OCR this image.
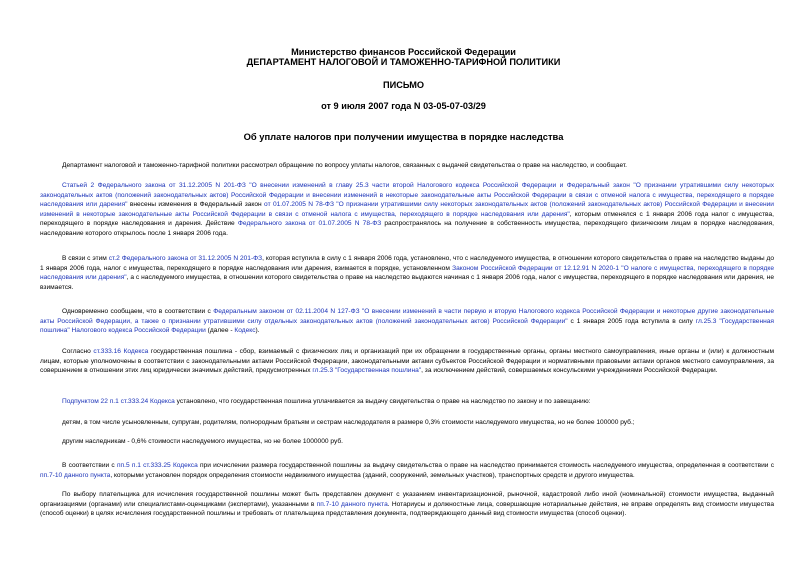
Министерство финансов Российской Федерации
ДЕПАРТАМЕНТ НАЛОГОВОЙ И ТАМОЖЕННО-ТАРИФНОЙ ПОЛИТИКИ
ПИСЬМО
от 9 июля 2007 года N 03-05-07-03/29
Об уплате налогов при получении имущества в порядке наследства

Департамент налоговой и таможенно-тарифной политики рассмотрел обращение по вопросу уплаты налогов, связанных с выдачей свидетельства о праве на наследство, и сообщает.

Статьей 2 Федерального закона от 31.12.2005 N 201-ФЗ "О внесении изменений в главу 25.3 части второй Налогового кодекса Российской Федерации и Федеральный закон "О признании утратившими силу некоторых законодательных актов (положений законодательных актов) Российской Федерации и внесении изменений в некоторые законодательные акты Российской Федерации в связи с отменой налога с имущества, переходящего в порядке наследования или дарения" внесены изменения в Федеральный закон от 01.07.2005 N 78-ФЗ "О признании утратившими силу некоторых законодательных актов (положений законодательных актов) Российской Федерации и внесении изменений в некоторые законодательные акты Российской Федерации в связи с отменой налога с имущества, переходящего в порядке наследования или дарения", которым отменялся с 1 января 2006 года налог с имущества, переходящего в порядке наследования и дарения. Действие Федерального закона от 01.07.2005 N 78-ФЗ распространялось на получение в собственность имущества, переходящего физическим лицам в порядке наследования, наследование которого открылось после 1 января 2006 года.

В связи с этим ст.2 Федерального закона от 31.12.2005 N 201-ФЗ, которая вступила в силу с 1 января 2006 года, установлено, что с наследуемого имущества, в отношении которого свидетельства о праве на наследство выданы до 1 января 2006 года, налог с имущества, переходящего в порядке наследования или дарения, взимается в порядке, установленном Законом Российской Федерации от 12.12.91 N 2020-1 "О налоге с имущества, переходящего в порядке наследования или дарения", а с наследуемого имущества, в отношении которого свидетельства о праве на наследство выдаются начиная с 1 января 2006 года, налог с имущества, переходящего в порядке наследования или дарения, не взимается.

Одновременно сообщаем, что в соответствии с Федеральным законом от 02.11.2004 N 127-ФЗ "О внесении изменений в части первую и вторую Налогового кодекса Российской Федерации и некоторые другие законодательные акты Российской Федерации, а также о признании утратившими силу отдельных законодательных актов (положений законодательных актов) Российской Федерации" с 1 января 2005 года вступила в силу гл.25.3 "Государственная пошлина" Налогового кодекса Российской Федерации (далее - Кодекс).

Согласно ст.333.16 Кодекса государственная пошлина - сбор, взимаемый с физических лиц и организаций при их обращении в государственные органы, органы местного самоуправления, иные органы и (или) к должностным лицам, которые уполномочены в соответствии с законодательными актами Российской Федерации, законодательными актами субъектов Российской Федерации и нормативными правовыми актами органов местного самоуправления, за совершением в отношении этих лиц юридически значимых действий, предусмотренных гл.25.3 "Государственная пошлина", за исключением действий, совершаемых консульскими учреждениями Российской Федерации.

Подпунктом 22 п.1 ст.333.24 Кодекса установлено, что государственная пошлина уплачивается за выдачу свидетельства о праве на наследство по закону и по завещанию:

детям, в том числе усыновленным, супругам, родителям, полнородным братьям и сестрам наследодателя в размере 0,3% стоимости наследуемого имущества, но не более 100000 руб.;

другим наследникам - 0,6% стоимости наследуемого имущества, но не более 1000000 руб.

В соответствии с пп.5 п.1 ст.333.25 Кодекса при исчислении размера государственной пошлины за выдачу свидетельства о праве на наследство принимается стоимость наследуемого имущества, определенная в соответствии с пп.7-10 данного пункта, которыми установлен порядок определения стоимости недвижимого имущества (зданий, сооружений, земельных участков), транспортных средств и другого имущества.

По выбору плательщика для исчисления государственной пошлины может быть представлен документ с указанием инвентаризационной, рыночной, кадастровой либо иной (номинальной) стоимости имущества, выданный организациями (органами) или специалистами-оценщиками (экспертами), указанными в пп.7-10 данного пункта. Нотариусы и должностные лица, совершающие нотариальные действия, не вправе определять вид стоимости имущества (способ оценки) в целях исчисления государственной пошлины и требовать от плательщика представления документа, подтверждающего данный вид стоимости имущества (способ оценки).
